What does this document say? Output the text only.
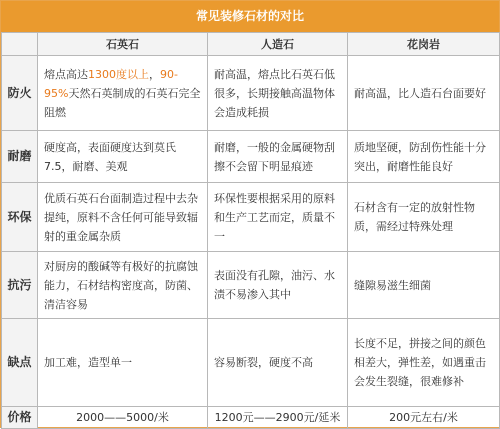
常见装修石材的对比
	石英石	人造石	花岗岩
防火	熔点高达1300度以上，90-95%天然石英制成的石英石完全阻燃	耐高温，熔点比石英石低很多，长期接触高温物体会造成耗损	耐高温，比人造石台面要好
耐磨	硬度高，表面硬度达到莫氏7.5，耐磨、美观	耐磨，一般的金属硬物刮擦不会留下明显痕迹	质地坚硬，防刮伤性能十分突出，耐磨性能良好
环保	优质石英石台面制造过程中去杂提纯，原料不含任何可能导致辐射的重金属杂质	环保性要根据采用的原料和生产工艺而定，质量不一	石材含有一定的放射性物质，需经过特殊处理
抗污	对厨房的酸碱等有极好的抗腐蚀能力，石材结构密度高，防菌、清洁容易	表面没有孔隙，油污、水渍不易渗入其中	缝隙易滋生细菌
缺点	加工难，造型单一	容易断裂，硬度不高	长度不足，拼接之间的颜色相差大，弹性差，如遇重击会发生裂缝，很难修补
价格	2000——5000/米	1200元——2900元/延米	200元左右/米
